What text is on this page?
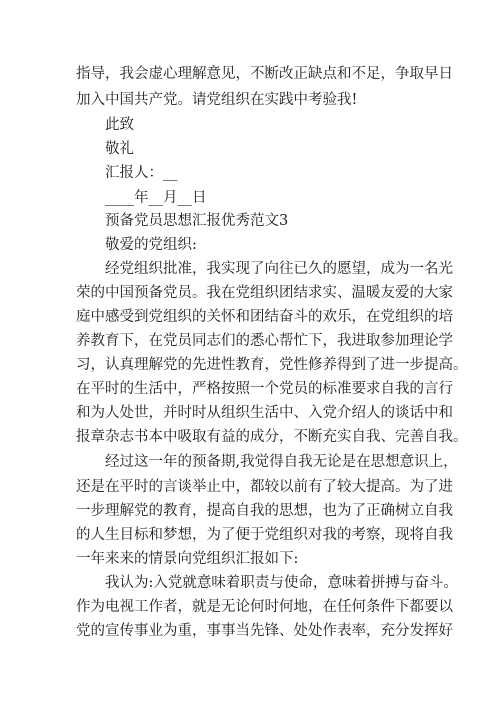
指导，我会虚心理解意见，不断改正缺点和不足，争取早日

加入中国共产党。请党组织在实践中考验我!

此致

敬礼

汇报人：__

____年__月__日

预备党员思想汇报优秀范文3

敬爱的党组织:

经党组织批准，我实现了向往已久的愿望，成为一名光

荣的中国预备党员。我在党组织团结求实、温暖友爱的大家

庭中感受到党组织的关怀和团结奋斗的欢乐，在党组织的培

养教育下，在党员同志们的悉心帮忙下，我进取参加理论学

习，认真理解党的先进性教育，党性修养得到了进一步提高。

在平时的生活中，严格按照一个党员的标准要求自我的言行

和为人处世，并时时从组织生活中、入党介绍人的谈话中和

报章杂志书本中吸取有益的成分，不断充实自我、完善自我。

经过这一年的预备期,我觉得自我无论是在思想意识上，

还是在平时的言谈举止中，都较以前有了较大提高。为了进

一步理解党的教育，提高自我的思想，也为了正确树立自我

的人生目标和梦想，为了便于党组织对我的考察，现将自我

一年来来的情景向党组织汇报如下:

我认为:入党就意味着职责与使命，意味着拼搏与奋斗。

作为电视工作者，就是无论何时何地，在任何条件下都要以

党的宣传事业为重，事事当先锋、处处作表率，充分发挥好
